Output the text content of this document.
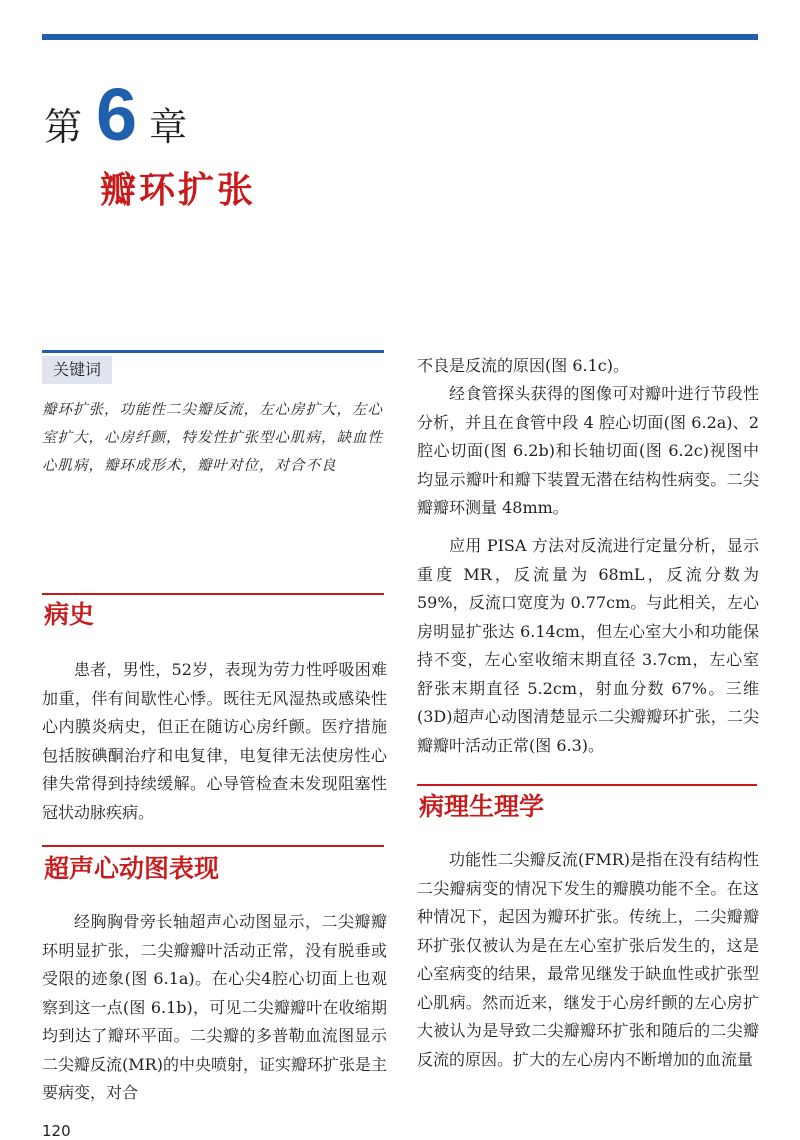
第 6 章
瓣环扩张
关键词
瓣环扩张，功能性二尖瓣反流，左心房扩大，左心室扩大，心房纤颤，特发性扩张型心肌病，缺血性心肌病，瓣环成形术，瓣叶对位，对合不良
病史

患者，男性，52岁，表现为劳力性呼吸困难加重，伴有间歇性心悸。既往无风湿热或感染性心内膜炎病史，但正在随访心房纤颤。医疗措施包括胺碘酮治疗和电复律，电复律无法使房性心律失常得到持续缓解。心导管检查未发现阻塞性冠状动脉疾病。

超声心动图表现

经胸胸骨旁长轴超声心动图显示，二尖瓣瓣环明显扩张，二尖瓣瓣叶活动正常，没有脱垂或受限的迹象(图 6.1a)。在心尖4腔心切面上也观察到这一点(图 6.1b)，可见二尖瓣瓣叶在收缩期均到达了瓣环平面。二尖瓣的多普勒血流图显示二尖瓣反流(MR)的中央喷射，证实瓣环扩张是主要病变，对合

不良是反流的原因(图 6.1c)。

经食管探头获得的图像可对瓣叶进行节段性分析，并且在食管中段 4 腔心切面(图 6.2a)、2 腔心切面(图 6.2b)和长轴切面(图 6.2c)视图中均显示瓣叶和瓣下装置无潜在结构性病变。二尖瓣瓣环测量 48mm。

应用 PISA 方法对反流进行定量分析，显示重度 MR，反流量为 68mL，反流分数为 59%，反流口宽度为 0.77cm。与此相关，左心房明显扩张达 6.14cm，但左心室大小和功能保持不变，左心室收缩末期直径 3.7cm，左心室舒张末期直径 5.2cm，射血分数 67%。三维(3D)超声心动图清楚显示二尖瓣瓣环扩张，二尖瓣瓣叶活动正常(图 6.3)。

病理生理学

功能性二尖瓣反流(FMR)是指在没有结构性二尖瓣病变的情况下发生的瓣膜功能不全。在这种情况下，起因为瓣环扩张。传统上，二尖瓣瓣环扩张仅被认为是在左心室扩张后发生的，这是心室病变的结果，最常见继发于缺血性或扩张型心肌病。然而近来，继发于心房纤颤的左心房扩大被认为是导致二尖瓣瓣环扩张和随后的二尖瓣反流的原因。扩大的左心房内不断增加的血流量

120
